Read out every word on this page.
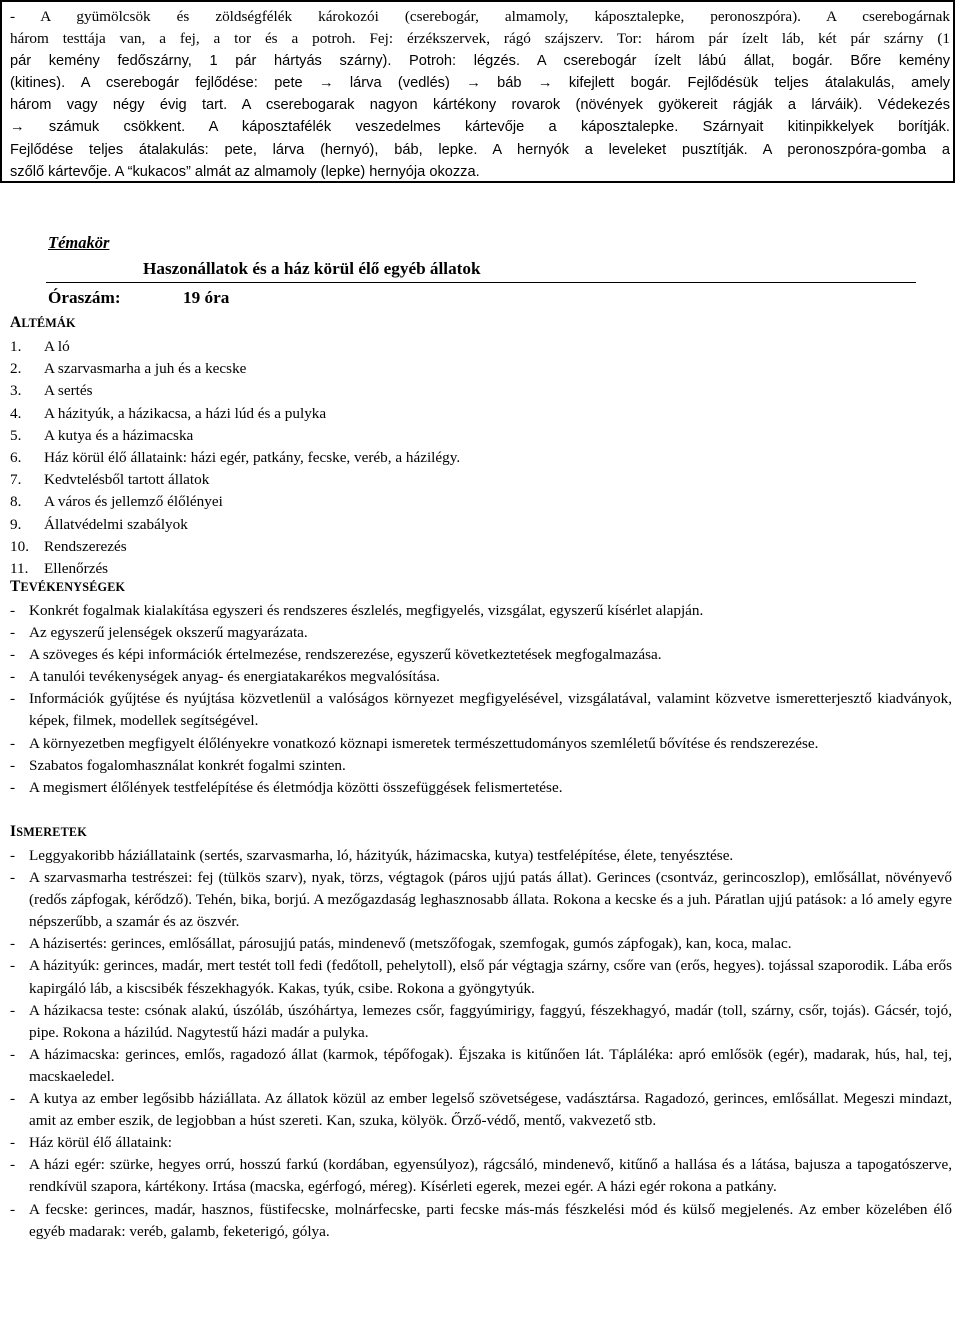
- A gyümölcsök és zöldségfélék károkozói (cserebogár, almamoly, káposztalepke, peronoszpóra). A cserebogárnak
három testtája van, a fej, a tor és a potroh. Fej: érzékszervek, rágó szájszerv. Tor: három pár ízelt láb, két pár szárny (1
pár kemény fedőszárny, 1 pár hártyás szárny). Potroh: légzés. A cserebogár ízelt lábú állat, bogár. Bőre kemény
(kitines). A cserebogár fejlődése: pete → lárva (vedlés) → báb → kifejlett bogár. Fejlődésük teljes átalakulás, amely
három vagy négy évig tart. A cserebogarak nagyon kártékony rovarok (növények gyökereit rágják a lárváik). Védekezés
→ számuk csökkent. A káposztafélék veszedelmes kártevője a káposztalepke. Szárnyait kitinpikkelyek borítják.
Fejlődése teljes átalakulás: pete, lárva (hernyó), báb, lepke. A hernyók a leveleket pusztítják. A peronoszpóra-gomba a
szőlő kártevője. A “kukacos” almát az almamoly (lepke) hernyója okozza.
Témakör
Haszonállatok és a ház körül élő egyéb állatok
Óraszám:	19 óra
ALTÉMÁK
1. A ló
2. A szarvasmarha a juh és a kecske
3. A sertés
4. A házityúk, a házikacsa, a házi lúd és a pulyka
5. A kutya és a házimacska
6. Ház körül élő állataink: házi egér, patkány, fecske, veréb, a házilégy.
7. Kedvtelésből tartott állatok
8. A város és jellemző élőlényei
9. Állatvédelmi szabályok
10. Rendszerezés
11. Ellenőrzés
TEVÉKENYSÉGEK
- Konkrét fogalmak kialakítása egyszeri és rendszeres észlelés, megfigyelés, vizsgálat, egyszerű kísérlet alapján.
- Az egyszerű jelenségek okszerű magyarázata.
- A szöveges és képi információk értelmezése, rendszerezése, egyszerű következtetések megfogalmazása.
- A tanulói tevékenységek anyag- és energiatakarékos megvalósítása.
- Információk gyűjtése és nyújtása közvetlenül a valóságos környezet megfigyelésével, vizsgálatával, valamint közvetve ismeretterjesztő kiadványok, képek, filmek, modellek segítségével.
- A környezetben megfigyelt élőlényekre vonatkozó köznapi ismeretek természettudományos szemléletű bővítése és rendszerezése.
- Szabatos fogalomhasználat konkrét fogalmi szinten.
- A megismert élőlények testfelépítése és életmódja közötti összefüggések felismertetése.
ISMERETEK
- Leggyakoribb háziállataink (sertés, szarvasmarha, ló, házityúk, házimacska, kutya) testfelépítése, élete, tenyésztése.
- A szarvasmarha testrészei: fej (tülkös szarv), nyak, törzs, végtagok (páros ujjú patás állat). Gerinces (csontváz, gerincoszlop), emlősállat, növényevő (redős zápfogak, kérődző). Tehén, bika, borjú. A mezőgazdaság leghasznosabb állata. Rokona a kecske és a juh. Páratlan ujjú patások: a ló amely egyre népszerűbb, a szamár és az öszvér.
- A házisertés: gerinces, emlősállat, párosujjú patás, mindenevő (metszőfogak, szemfogak, gumós zápfogak), kan, koca, malac.
- A házityúk: gerinces, madár, mert testét toll fedi (fedőtoll, pehelytoll), első pár végtagja szárny, csőre van (erős, hegyes). tojással szaporodik. Lába erős kapirgáló láb, a kiscsibék fészekhagyók. Kakas, tyúk, csibe. Rokona a gyöngytyúk.
- A házikacsa teste: csónak alakú, úszóláb, úszóhártya, lemezes csőr, faggyúmirigy, faggyú, fészekhagyó, madár (toll, szárny, csőr, tojás). Gácsér, tojó, pipe. Rokona a házilúd. Nagytestű házi madár a pulyka.
- A házimacska: gerinces, emlős, ragadozó állat (karmok, tépőfogak). Éjszaka is kitűnően lát. Tápláléka: apró emlősök (egér), madarak, hús, hal, tej, macskaeledel.
- A kutya az ember legősibb háziállata. Az állatok közül az ember legelső szövetségese, vadásztársa. Ragadozó, gerinces, emlősállat. Megeszi mindazt, amit az ember eszik, de legjobban a húst szereti. Kan, szuka, kölyök. Őrző-védő, mentő, vakvezető stb.
- Ház körül élő állataink:
- A házi egér: szürke, hegyes orrú, hosszú farkú (kordában, egyensúlyoz), rágcsáló, mindenevő, kitűnő a hallása és a látása, bajusza a tapogatószerve, rendkívül szapora, kártékony. Irtása (macska, egérfogó, méreg). Kísérleti egerek, mezei egér. A házi egér rokona a patkány.
- A fecske: gerinces, madár, hasznos, füstifecske, molnárfecske, parti fecske más-más fészkelési mód és külső megjelenés. Az ember közelében élő egyéb madarak: veréb, galamb, feketerigó, gólya.
